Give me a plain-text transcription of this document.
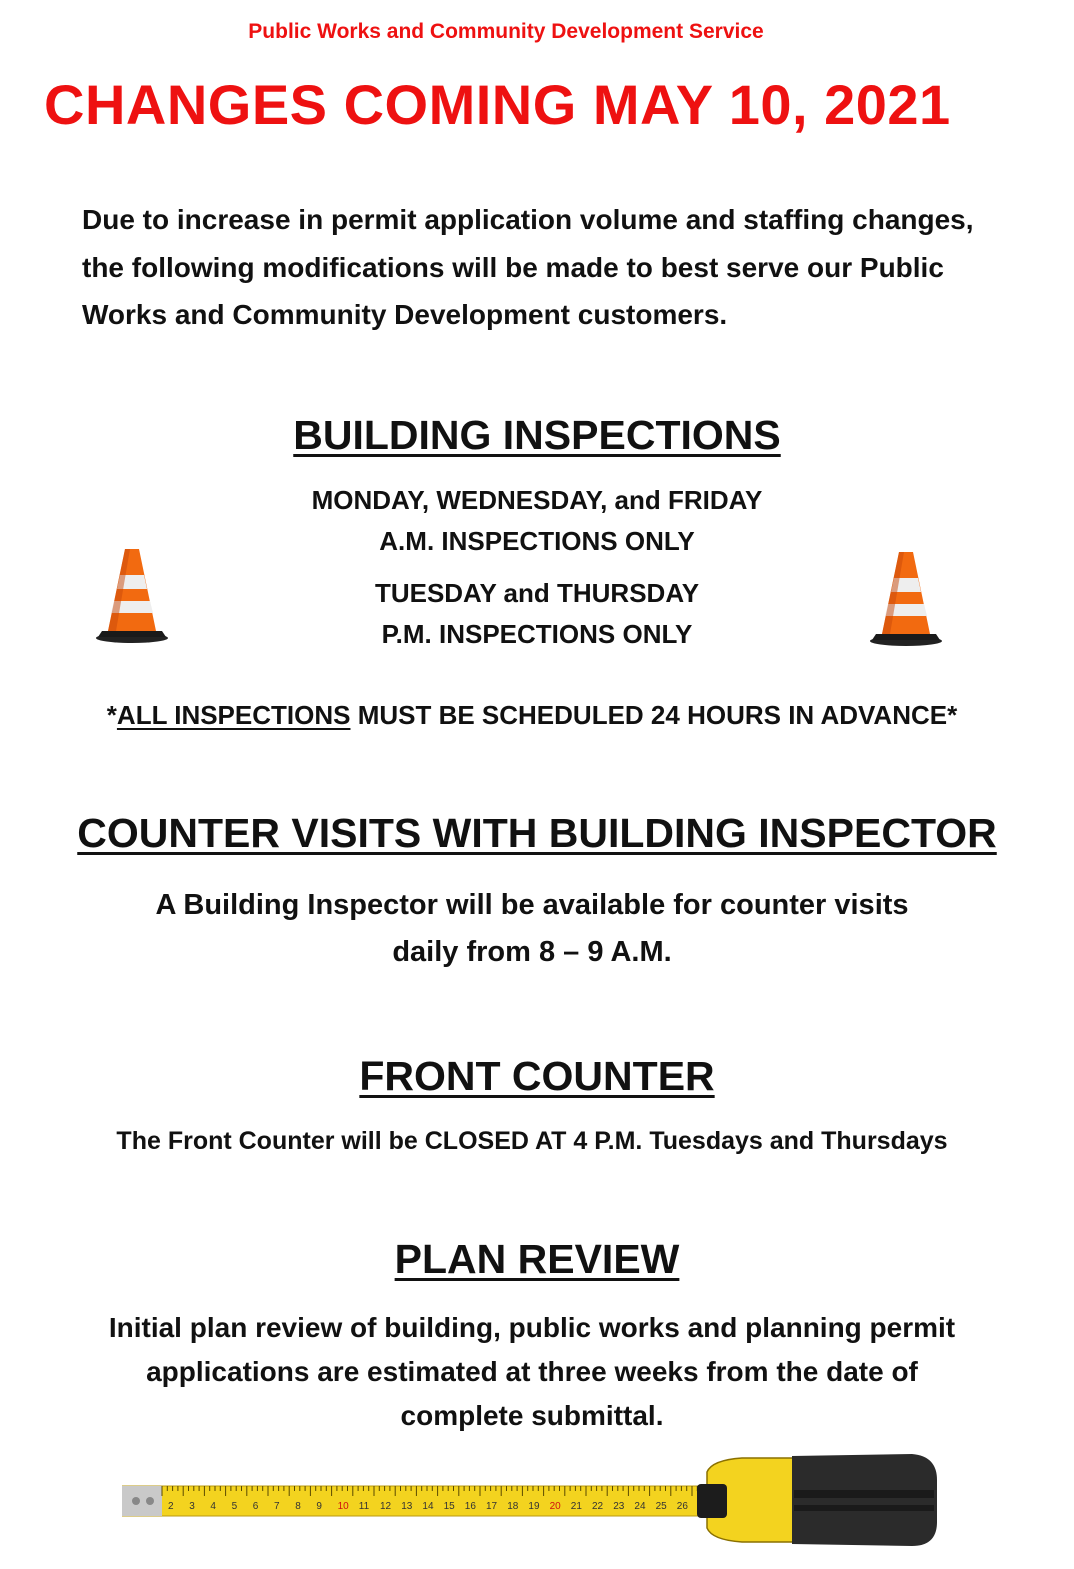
Public Works and Community Development Service
CHANGES COMING MAY 10, 2021
Due to increase in permit application volume and staffing changes, the following modifications will be made to best serve our Public Works and Community Development customers.
BUILDING INSPECTIONS
MONDAY, WEDNESDAY, and FRIDAY
A.M. INSPECTIONS ONLY
TUESDAY and THURSDAY
P.M. INSPECTIONS ONLY
*ALL INSPECTIONS MUST BE SCHEDULED 24 HOURS IN ADVANCE*
COUNTER VISITS WITH BUILDING INSPECTOR
A Building Inspector will be available for counter visits
daily from 8 – 9 A.M.
FRONT COUNTER
The Front Counter will be CLOSED AT 4 P.M. Tuesdays and Thursdays
PLAN REVIEW
Initial plan review of building, public works and planning permit
applications are estimated at three weeks from the date of
complete submittal.
2 3 4 5 6 7 8 9 10 11 12 13 14 15 16 17 18 19 20 21 22 23 24 25 26
